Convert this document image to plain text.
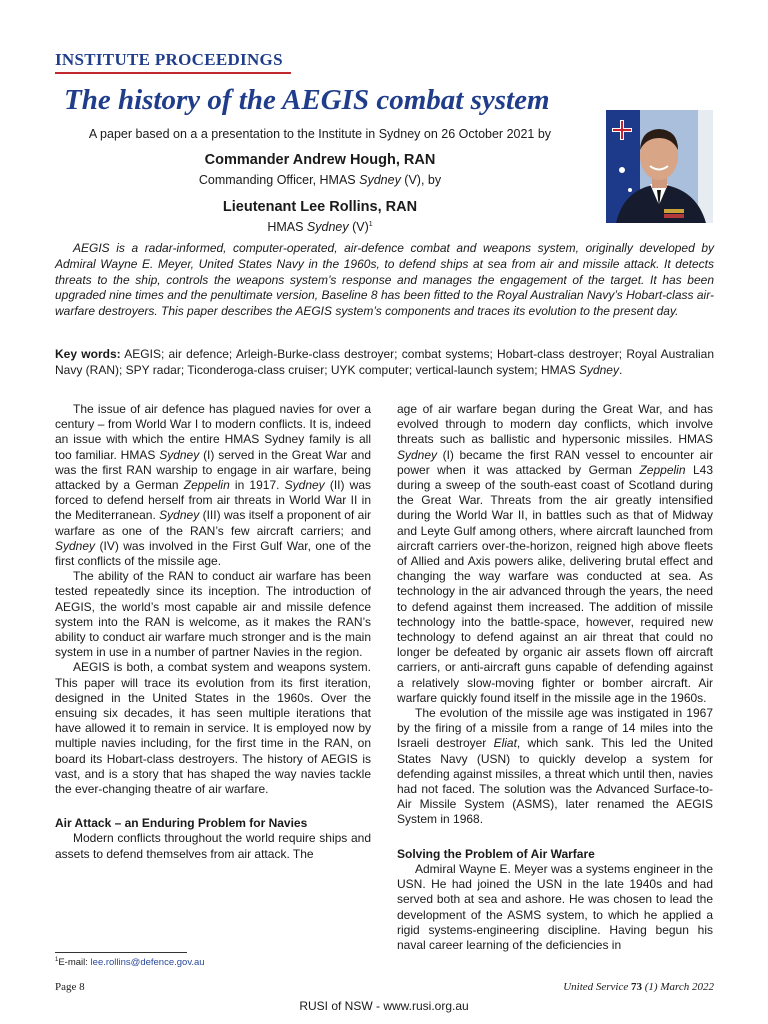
INSTITUTE PROCEEDINGS
The history of the AEGIS combat system
A paper based on a a presentation to the Institute in Sydney on 26 October 2021 by
Commander Andrew Hough, RAN
Commanding Officer, HMAS Sydney (V), by
Lieutenant Lee Rollins, RAN
HMAS Sydney $(V)^1$
AEGIS is a radar-informed, computer-operated, air-defence combat and weapons system, originally developed by Admiral Wayne E. Meyer, United States Navy in the 1960s, to defend ships at sea from air and missile attack. It detects threats to the ship, controls the weapons system’s response and manages the engagement of the target. It has been upgraded nine times and the penultimate version, Baseline 8 has been fitted to the Royal Australian Navy’s Hobart-class air-warfare destroyers. This paper describes the AEGIS system’s components and traces its evolution to the present day.
Key words: AEGIS; air defence; Arleigh-Burke-class destroyer; combat systems; Hobart-class destroyer; Royal Australian Navy (RAN); SPY radar; Ticonderoga-class cruiser; UYK computer; vertical-launch system; HMAS Sydney.

The issue of air defence has plagued navies for over a century – from World War I to modern conflicts. It is, indeed an issue with which the entire HMAS Sydney family is all too familiar. HMAS Sydney (I) served in the Great War and was the first RAN warship to engage in air warfare, being attacked by a German Zeppelin in 1917. Sydney (II) was forced to defend herself from air threats in World War II in the Mediterranean. Sydney (III) was itself a proponent of air warfare as one of the RAN’s few aircraft carriers; and Sydney (IV) was involved in the First Gulf War, one of the first conflicts of the missile age.

The ability of the RAN to conduct air warfare has been tested repeatedly since its inception. The introduction of AEGIS, the world’s most capable air and missile defence system into the RAN is welcome, as it makes the RAN’s ability to conduct air warfare much stronger and is the main system in use in a number of partner Navies in the region.

AEGIS is both, a combat system and weapons system. This paper will trace its evolution from its first iteration, designed in the United States in the 1960s. Over the ensuing six decades, it has seen multiple iterations that have allowed it to remain in service. It is employed now by multiple navies including, for the first time in the RAN, on board its Hobart-class destroyers. The history of AEGIS is vast, and is a story that has shaped the way navies tackle the ever-changing theatre of air warfare.

Air Attack – an Enduring Problem for Navies

Modern conflicts throughout the world require ships and assets to defend themselves from air attack. The

age of air warfare began during the Great War, and has evolved through to modern day conflicts, which involve threats such as ballistic and hypersonic missiles. HMAS Sydney (I) became the first RAN vessel to encounter air power when it was attacked by German Zeppelin L43 during a sweep of the south-east coast of Scotland during the Great War. Threats from the air greatly intensified during the World War II, in battles such as that of Midway and Leyte Gulf among others, where aircraft launched from aircraft carriers over-the-horizon, reigned high above fleets of Allied and Axis powers alike, delivering brutal effect and changing the way warfare was conducted at sea. As technology in the air advanced through the years, the need to defend against them increased. The addition of missile technology into the battle-space, however, required new technology to defend against an air threat that could no longer be defeated by organic air assets flown off aircraft carriers, or anti-aircraft guns capable of defending against a relatively slow-moving fighter or bomber aircraft. Air warfare quickly found itself in the missile age in the 1960s.

The evolution of the missile age was instigated in 1967 by the firing of a missile from a range of 14 miles into the Israeli destroyer Eliat, which sank. This led the United States Navy (USN) to quickly develop a system for defending against missiles, a threat which until then, navies had not faced. The solution was the Advanced Surface-to-Air Missile System (ASMS), later renamed the AEGIS System in 1968.

Solving the Problem of Air Warfare

Admiral Wayne E. Meyer was a systems engineer in the USN. He had joined the USN in the late 1940s and had served both at sea and ashore. He was chosen to lead the development of the ASMS system, to which he applied a rigid systems-engineering discipline. Having begun his naval career learning of the deficiencies in

$^1$E-mail: lee.rollins@defence.gov.au
Page 8	United Service 73 (1) March 2022
RUSI of NSW - www.rusi.org.au
